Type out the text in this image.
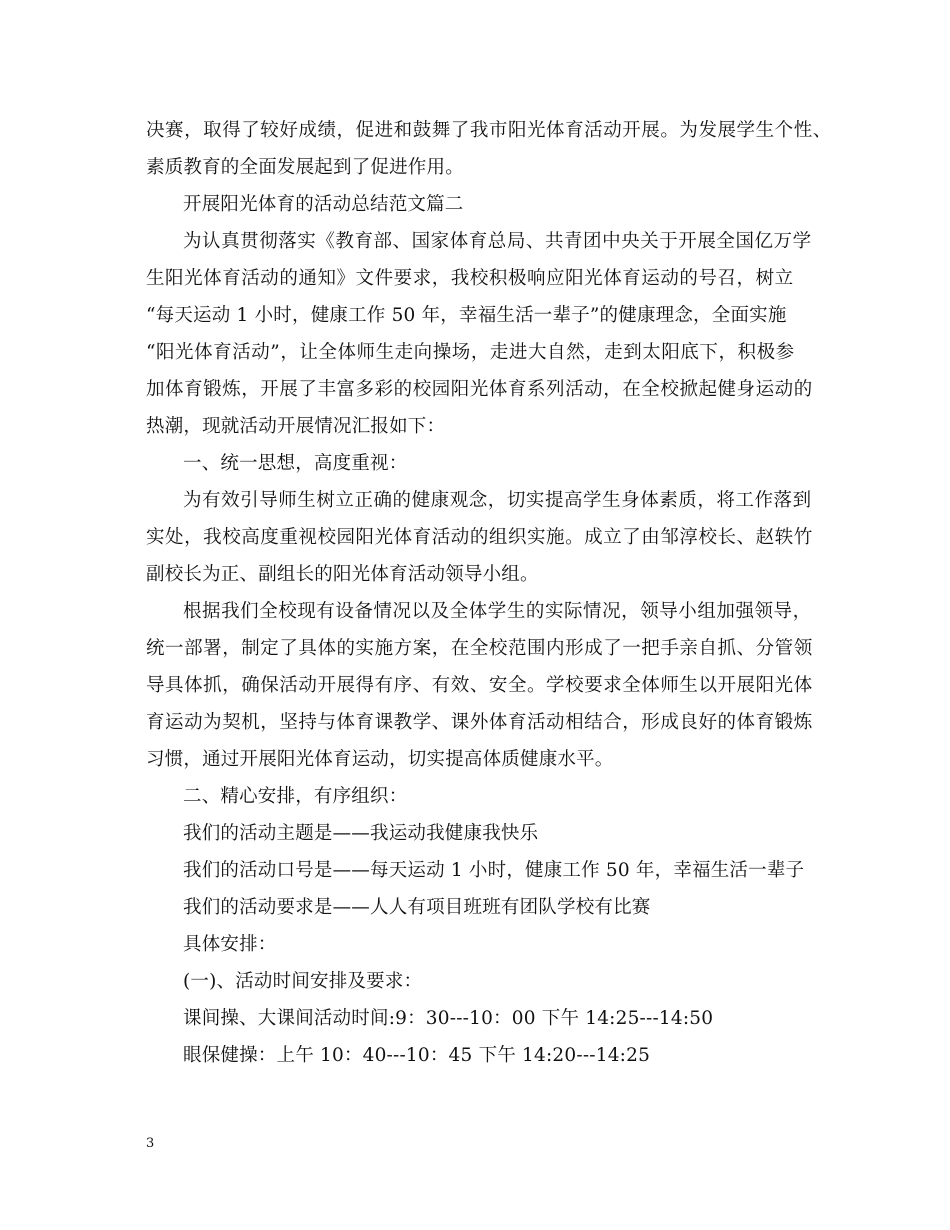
决赛，取得了较好成绩，促进和鼓舞了我市阳光体育活动开展。为发展学生个性、
素质教育的全面发展起到了促进作用。
开展阳光体育的活动总结范文篇二
为认真贯彻落实《教育部、国家体育总局、共青团中央关于开展全国亿万学
生阳光体育活动的通知》文件要求，我校积极响应阳光体育运动的号召，树立
“每天运动 1 小时，健康工作 50 年，幸福生活一辈子”的健康理念，全面实施
“阳光体育活动”，让全体师生走向操场，走进大自然，走到太阳底下，积极参
加体育锻炼，开展了丰富多彩的校园阳光体育系列活动，在全校掀起健身运动的
热潮，现就活动开展情况汇报如下：
一、统一思想，高度重视：
为有效引导师生树立正确的健康观念，切实提高学生身体素质，将工作落到
实处，我校高度重视校园阳光体育活动的组织实施。成立了由邹淳校长、赵轶竹
副校长为正、副组长的阳光体育活动领导小组。
根据我们全校现有设备情况以及全体学生的实际情况，领导小组加强领导，
统一部署，制定了具体的实施方案，在全校范围内形成了一把手亲自抓、分管领
导具体抓，确保活动开展得有序、有效、安全。学校要求全体师生以开展阳光体
育运动为契机，坚持与体育课教学、课外体育活动相结合，形成良好的体育锻炼
习惯，通过开展阳光体育运动，切实提高体质健康水平。
二、精心安排，有序组织：
我们的活动主题是——我运动我健康我快乐
我们的活动口号是——每天运动 1 小时，健康工作 50 年，幸福生活一辈子
我们的活动要求是——人人有项目班班有团队学校有比赛
具体安排：
(一)、活动时间安排及要求：
课间操、大课间活动时间:9：30---10：00 下午 14:25---14:50
眼保健操：上午 10：40---10：45 下午 14:20---14:25
3
